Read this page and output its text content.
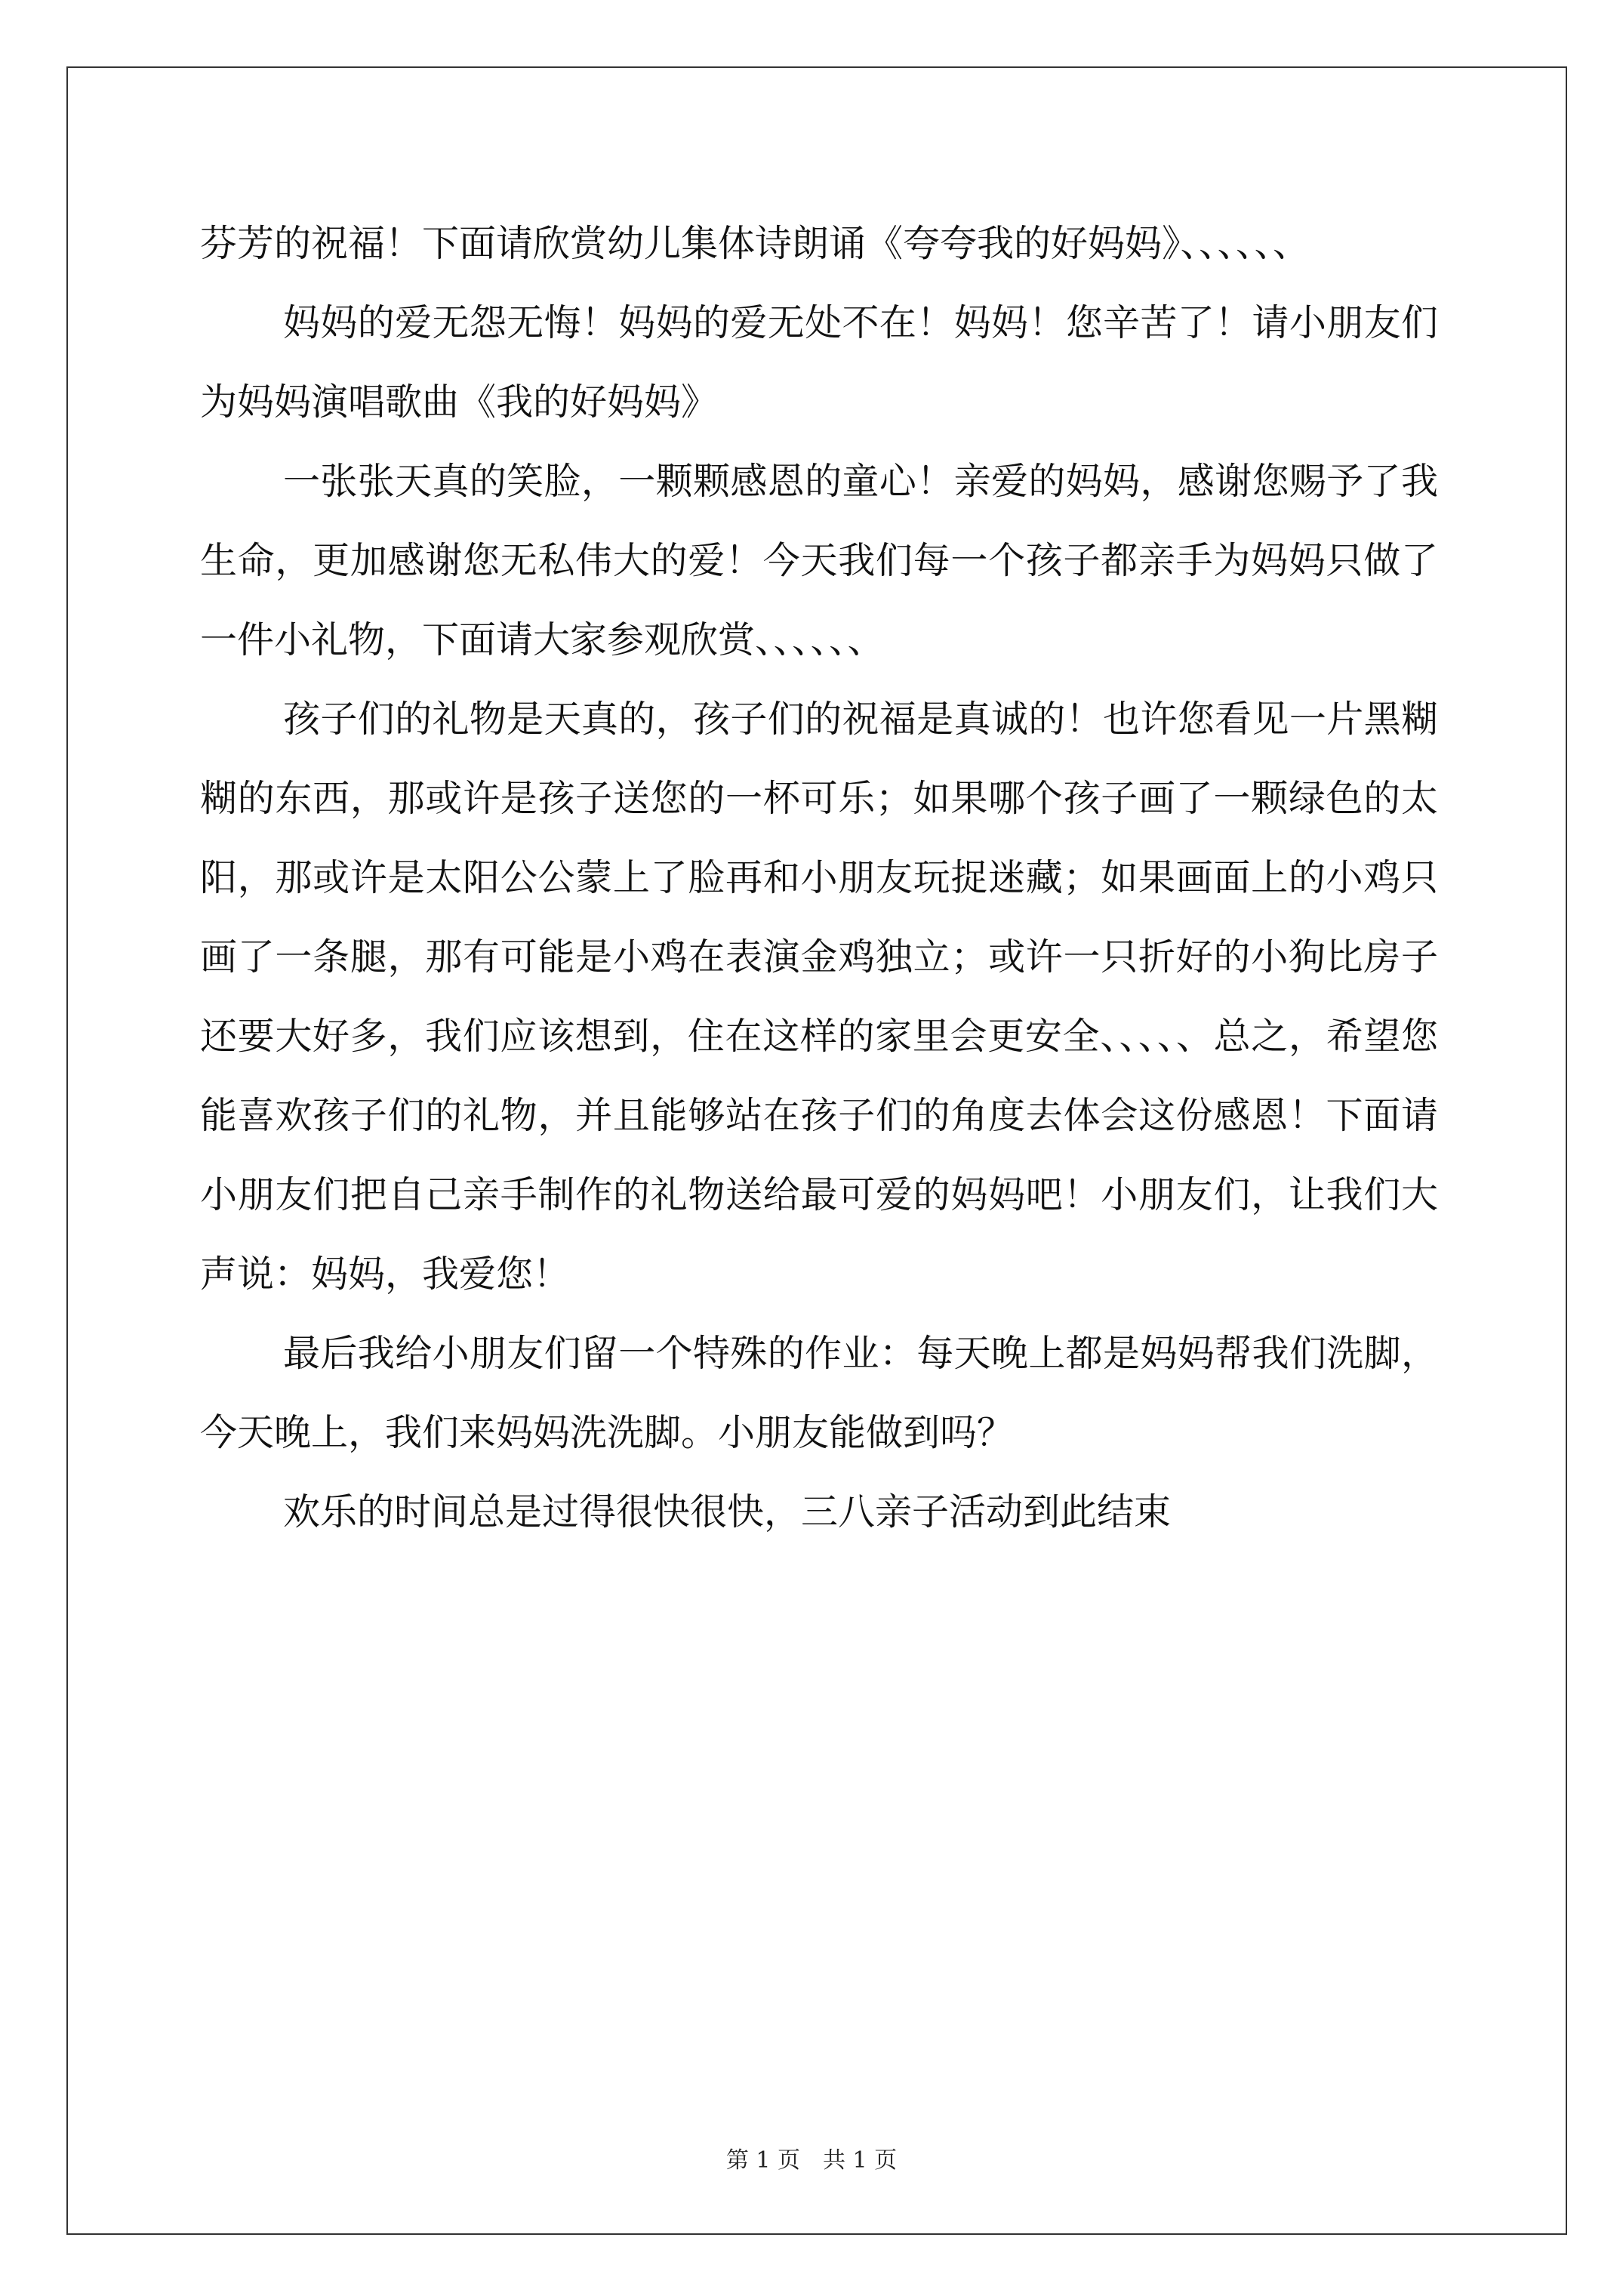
芬芳的祝福！下面请欣赏幼儿集体诗朗诵《夸夸我的好妈妈》、、、、、、

妈妈的爱无怨无悔！妈妈的爱无处不在！妈妈！您辛苦了！请小朋友们为妈妈演唱歌曲《我的好妈妈》

一张张天真的笑脸，一颗颗感恩的童心！亲爱的妈妈，感谢您赐予了我生命，更加感谢您无私伟大的爱！今天我们每一个孩子都亲手为妈妈只做了一件小礼物，下面请大家参观欣赏、、、、、、

孩子们的礼物是天真的，孩子们的祝福是真诚的！也许您看见一片黑糊糊的东西，那或许是孩子送您的一杯可乐；如果哪个孩子画了一颗绿色的太阳，那或许是太阳公公蒙上了脸再和小朋友玩捉迷藏；如果画面上的小鸡只画了一条腿，那有可能是小鸡在表演金鸡独立；或许一只折好的小狗比房子还要大好多，我们应该想到，住在这样的家里会更安全、、、、、总之，希望您能喜欢孩子们的礼物，并且能够站在孩子们的角度去体会这份感恩！下面请小朋友们把自己亲手制作的礼物送给最可爱的妈妈吧！小朋友们，让我们大声说：妈妈，我爱您！

最后我给小朋友们留一个特殊的作业：每天晚上都是妈妈帮我们洗脚，今天晚上，我们来妈妈洗洗脚。小朋友能做到吗？

欢乐的时间总是过得很快很快，三八亲子活动到此结束

第 1 页　共 1 页
